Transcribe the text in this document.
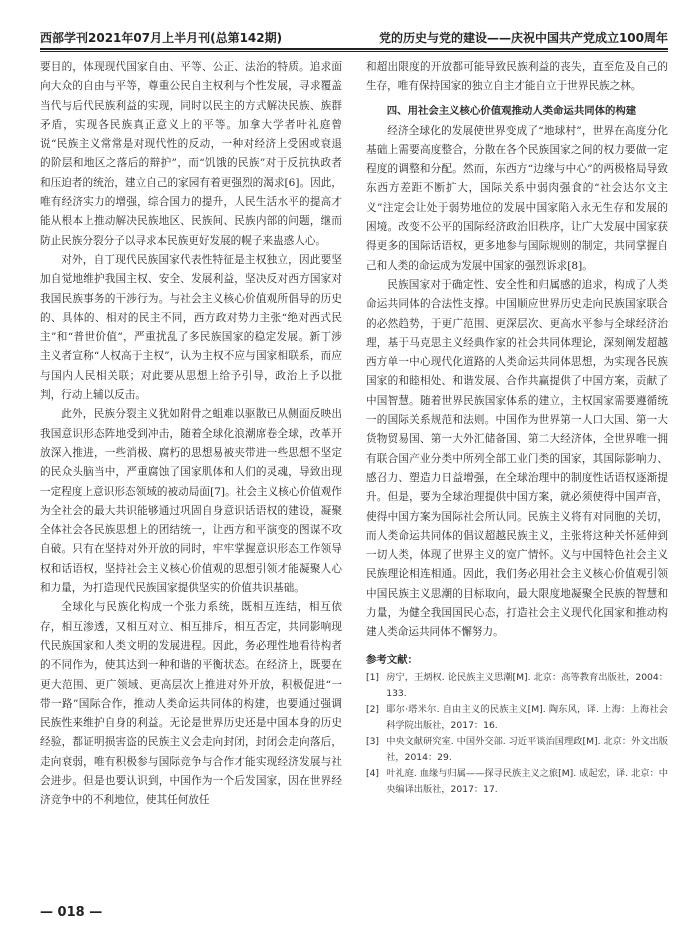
西部学刊2021年07月上半月刊(总第142期)	党的历史与党的建设——庆祝中国共产党成立100周年

要目的，体现现代国家自由、平等、公正、法治的特质。追求面向大众的自由与平等，尊重公民自主权利与个性发展，寻求覆盖当代与后代民族利益的实现，同时以民主的方式解决民族、族群矛盾，实现各民族真正意义上的平等。加拿大学者叶礼庭曾说“民族主义常常是对现代性的反动，一种对经济上受困或衰退的阶层和地区之落后的辩护”，而“饥饿的民族”对于反抗执政者和压迫者的统治，建立自己的家园有着更强烈的渴求[6]。因此，唯有经济实力的增强，综合国力的提升，人民生活水平的提高才能从根本上推动解决民族地区、民族间、民族内部的问题，继而防止民族分裂分子以寻求本民族更好发展的幌子来蛊惑人心。

对外，自丁现代民族国家代表性特征是主权独立，因此要坚加自觉地维护我国主权、安全、发展利益，坚决反对西方国家对我国民族事务的干涉行为。与社会主义核心价值观所倡导的历史的、具体的、相对的民主不同，西方政对势力主张“绝对西式民主”和“普世价值”，严重扰乱了多民族国家的稳定发展。新丁涉主义者宣称“人权高于主权”，认为主权不应与国家相联系，而应与国内人民相关联；对此要从思想上给予引导，政治上予以批判，行动上辅以反击。

此外，民族分裂主义犹如附骨之蛆难以驱散已从侧面反映出我国意识形态阵地受到冲击，随着全球化浪潮席卷全球，改革开放深入推进，一些消极、腐朽的思想易被夹带进一些思想不坚定的民众头脑当中，严重腐蚀了国家肌体和人们的灵魂，导致出现一定程度上意识形态领域的被动局面[7]。社会主义核心价值观作为全社会的最大共识能够通过巩固自身意识话语权的建设，凝聚全体社会各民族思想上的团结统一，让西方和平演变的图谋不攻自破。只有在坚持对外开放的同时，牢牢掌握意识形态工作领导权和话语权，坚持社会主义核心价值观的思想引领才能凝聚人心和力量，为打造现代民族国家提供坚实的价值共识基础。

全球化与民族化构成一个张力系统，既相互连结，相互依存，相互渗透，又相互对立、相互排斥，相互否定，共同影响现代民族国家和人类文明的发展进程。因此，务必理性地看待构者的不同作为，使其达到一种和谐的平衡状态。在经济上，既要在更大范围、更广领域、更高层次上推进对外开放，积极促进“一带一路”国际合作，推动人类命运共同体的构建，也要通过强调民族性来维护自身的利益。无论是世界历史还是中国本身的历史经验，都证明损害盗的民族主义会走向封闭，封闭会走向落后，走向衰弱，唯有积极参与国际竞争与合作才能实现经济发展与社会进步。但是也要认识到，中国作为一个后发国家，因在世界经济竞争中的不利地位，使其任何放任

和超出限度的开放都可能导致民族利益的丧失，直至危及自己的生存，唯有保持国家的独立自主才能自立于世界民族之林。

四、用社会主义核心价值观推动人类命运共同体的构建

经济全球化的发展使世界变成了“地球村”，世界在高度分化基础上需要高度整合，分散在各个民族国家之间的权力要做一定程度的调整和分配。然而，东西方“边缘与中心”的两极格局导致东西方差距不断扩大，国际关系中弱肉强食的“社会达尔文主义”注定会让处于弱势地位的发展中国家陷入永无生存和发展的困境。改变不公平的国际经济政治旧秩序，让广大发展中国家获得更多的国际话语权，更多地参与国际规则的制定，共同掌握自己和人类的命运成为发展中国家的强烈诉求[8]。

民族国家对于确定性、安全性和归属感的追求，构成了人类命运共同体的合法性支撑。中国顺应世界历史走向民族国家联合的必然趋势，于更广范围、更深层次、更高水平参与全球经济治理，基于马克思主义经典作家的社会共同体理论，深刻阐发超越西方单一中心现代化道路的人类命运共同体思想，为实现各民族国家的和睦相处、和谐发展、合作共赢提供了中国方案，贡献了中国智慧。随着世界民族国家体系的建立，主权国家需要遵循统一的国际关系规范和法则。中国作为世界第一人口大国、第一大货物贸易国、第一大外汇储备国、第二大经济体，全世界唯一拥有联合国产业分类中所列全部工业门类的国家，其国际影响力、感召力、塑造力日益增强，在全球治理中的制度性话语权逐渐提升。但是，要为全球治理提供中国方案，就必须使得中国声音，使得中国方案为国际社会所认同。民族主义将有对同胞的关切，而人类命运共同体的倡议超越民族主义，主张将这种关怀延伸到一切人类，体现了世界主义的宽广情怀。义与中国特色社会主义民族理论相连相通。因此，我们务必用社会主义核心价值观引领中国民族主义思潮的目标取向，最大限度地凝聚全民族的智慧和力量，为健全我国国民心态，打造社会主义现代化国家和推动构建人类命运共同体不懈努力。

参考文献：

[1] 房宁，王炳权. 论民族主义思潮[M]. 北京：高等教育出版社，2004：133.

[2] 耶尔·塔米尔. 自由主义的民族主义[M]. 陶东风，译. 上海：上海社会科学院出版社，2017：16.

[3] 中央文献研究室. 中国外交部. 习近平谈治国理政[M]. 北京：外文出版社，2014：29.

[4] 叶礼庭. 血缘与归属——探寻民族主义之旅[M]. 成起宏，译. 北京：中央编译出版社，2017：17.

— 018 —
